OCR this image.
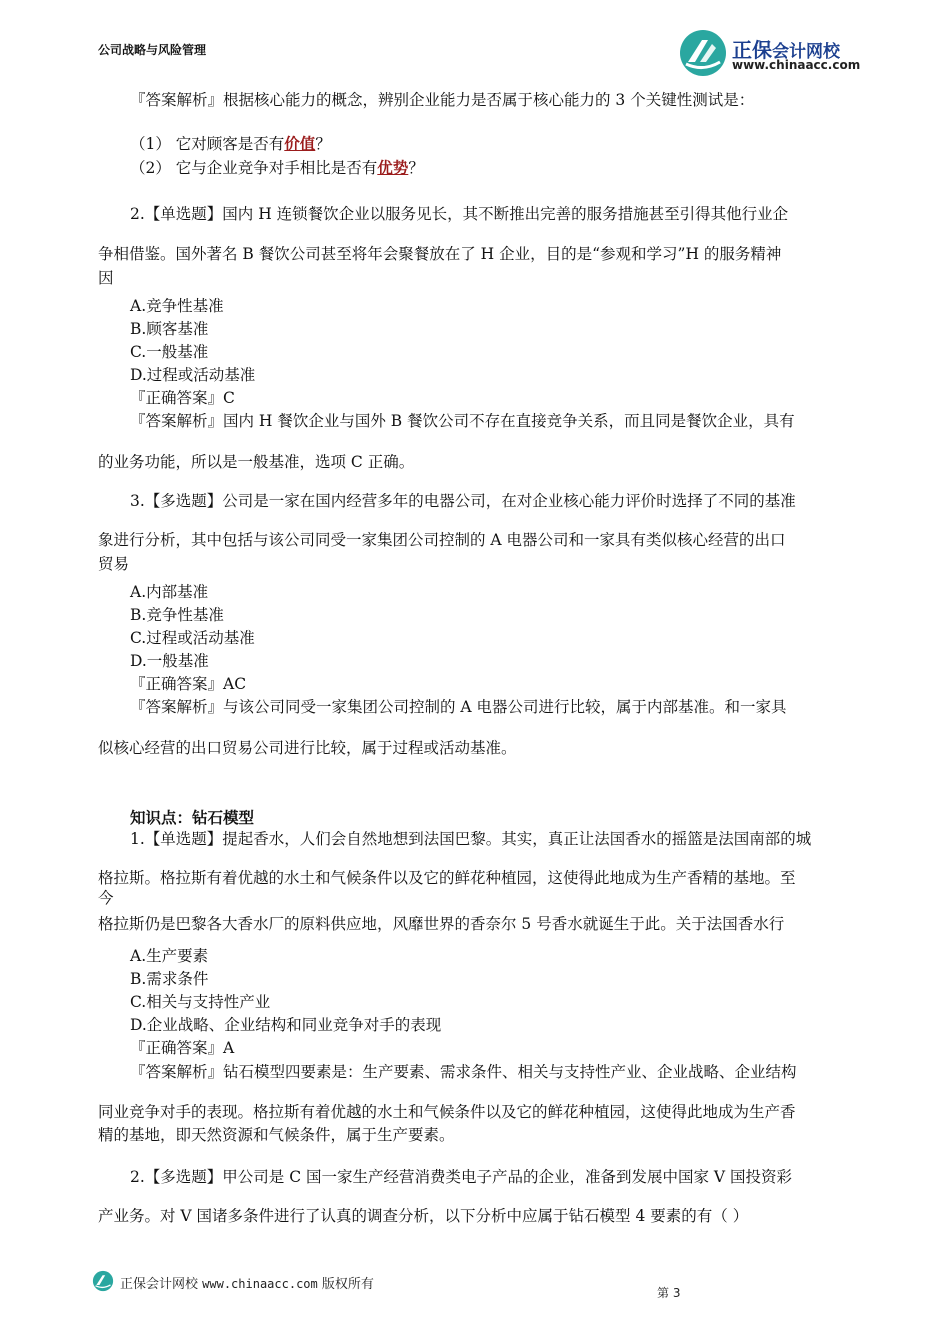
正保会计网校
www.chinaacc.com
公司战略与风险管理
『答案解析』根据核心能力的概念，辨别企业能力是否属于核心能力的 3 个关键性测试是：
（1） 它对顾客是否有价值？
（2） 它与企业竞争对手相比是否有优势？
2.【单选题】国内 H 连锁餐饮企业以服务见长，其不断推出完善的服务措施甚至引得其他行业企
争相借鉴。国外著名 B 餐饮公司甚至将年会聚餐放在了 H 企业，目的是“参观和学习”H 的服务精神
因
A.竞争性基准
B.顾客基准
C.一般基准
D.过程或活动基准
『正确答案』C
『答案解析』国内 H 餐饮企业与国外 B 餐饮公司不存在直接竞争关系，而且同是餐饮企业，具有
的业务功能，所以是一般基准，选项 C 正确。
3.【多选题】公司是一家在国内经营多年的电器公司，在对企业核心能力评价时选择了不同的基准
象进行分析，其中包括与该公司同受一家集团公司控制的 A 电器公司和一家具有类似核心经营的出口
贸易
A.内部基准
B.竞争性基准
C.过程或活动基准
D.一般基准
『正确答案』AC
『答案解析』与该公司同受一家集团公司控制的 A 电器公司进行比较，属于内部基准。和一家具
似核心经营的出口贸易公司进行比较，属于过程或活动基准。
知识点：钻石模型
1.【单选题】提起香水，人们会自然地想到法国巴黎。其实，真正让法国香水的摇篮是法国南部的城
格拉斯。格拉斯有着优越的水土和气候条件以及它的鲜花种植园，这使得此地成为生产香精的基地。至
今
格拉斯仍是巴黎各大香水厂的原料供应地，风靡世界的香奈尔 5 号香水就诞生于此。关于法国香水行
A.生产要素
B.需求条件
C.相关与支持性产业
D.企业战略、企业结构和同业竞争对手的表现
『正确答案』A
『答案解析』钻石模型四要素是：生产要素、需求条件、相关与支持性产业、企业战略、企业结构
同业竞争对手的表现。格拉斯有着优越的水土和气候条件以及它的鲜花种植园，这使得此地成为生产香
精的基地，即天然资源和气候条件，属于生产要素。
2.【多选题】甲公司是 C 国一家生产经营消费类电子产品的企业，准备到发展中国家 V 国投资彩
产业务。对 V 国诸多条件进行了认真的调查分析，以下分析中应属于钻石模型 4 要素的有（ ）
正保会计网校 www.chinaacc.com 版权所有
第 3
